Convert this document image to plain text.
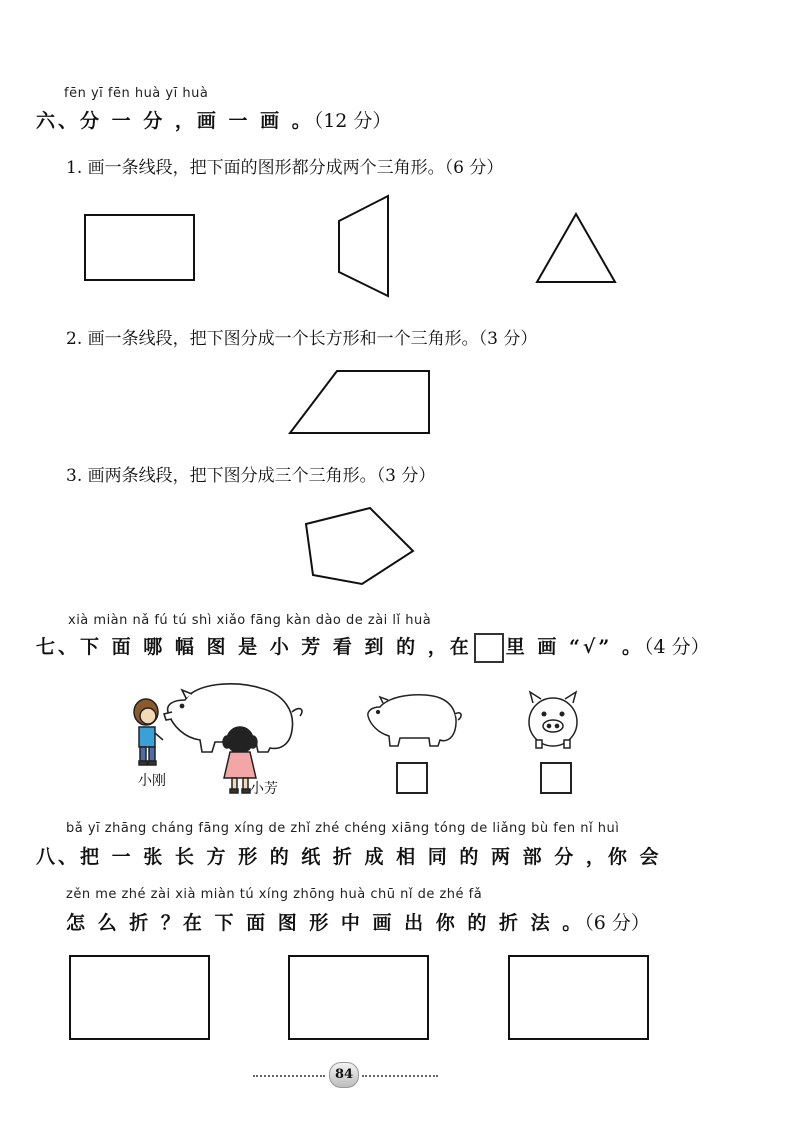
fēn yī fēn huà yī huà
六、分 一 分 ，画 一 画 。（12 分）
1. 画一条线段，把下面的图形都分成两个三角形。（6 分）
2. 画一条线段，把下图分成一个长方形和一个三角形。（3 分）
3. 画两条线段，把下图分成三个三角形。（3 分）
xià miàn nǎ fú tú shì xiǎo fāng kàn dào de zài lǐ huà
七、下 面 哪 幅 图 是 小 芳 看 到 的 ，在 里 画 “√” 。（4 分）
小刚	小芳
bǎ yī zhāng cháng fāng xíng de zhǐ zhé chéng xiāng tóng de liǎng bù fen nǐ huì
八、把 一 张 长 方 形 的 纸 折 成 相 同 的 两 部 分 ，你 会
zěn me zhé zài xià miàn tú xíng zhōng huà chū nǐ de zhé fǎ
怎 么 折 ？在 下 面 图 形 中 画 出 你 的 折 法 。（6 分）
84
